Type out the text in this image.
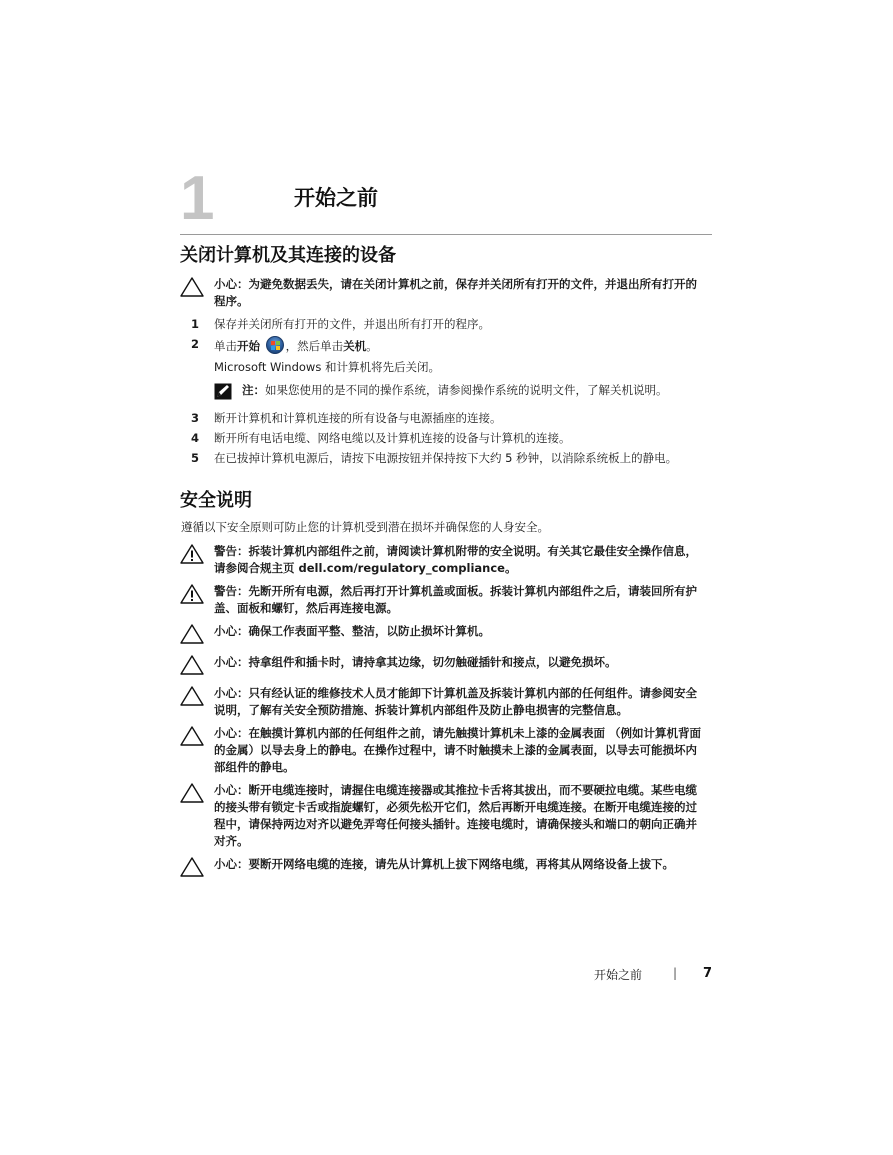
1	开始之前
关闭计算机及其连接的设备
小心：为避免数据丢失，请在关闭计算机之前，保存并关闭所有打开的文件，并退出所有打开的程序。
1	保存并关闭所有打开的文件，并退出所有打开的程序。
2	单击开始 ，然后单击关机。
Microsoft Windows 和计算机将先后关闭。
注：如果您使用的是不同的操作系统，请参阅操作系统的说明文件，了解关机说明。
3	断开计算机和计算机连接的所有设备与电源插座的连接。
4	断开所有电话电缆、网络电缆以及计算机连接的设备与计算机的连接。
5	在已拔掉计算机电源后，请按下电源按钮并保持按下大约 5 秒钟，以消除系统板上的静电。
安全说明
遵循以下安全原则可防止您的计算机受到潜在损坏并确保您的人身安全。
警告：拆装计算机内部组件之前，请阅读计算机附带的安全说明。有关其它最佳安全操作信息，请参阅合规主页 dell.com/regulatory_compliance。
警告：先断开所有电源，然后再打开计算机盖或面板。拆装计算机内部组件之后，请装回所有护盖、面板和螺钉，然后再连接电源。
小心：确保工作表面平整、整洁，以防止损坏计算机。
小心：持拿组件和插卡时，请持拿其边缘，切勿触碰插针和接点，以避免损坏。
小心：只有经认证的维修技术人员才能卸下计算机盖及拆装计算机内部的任何组件。请参阅安全说明，了解有关安全预防措施、拆装计算机内部组件及防止静电损害的完整信息。
小心：在触摸计算机内部的任何组件之前，请先触摸计算机未上漆的金属表面 （例如计算机背面的金属）以导去身上的静电。在操作过程中，请不时触摸未上漆的金属表面，以导去可能损坏内部组件的静电。
小心：断开电缆连接时，请握住电缆连接器或其推拉卡舌将其拔出，而不要硬拉电缆。某些电缆的接头带有锁定卡舌或指旋螺钉，必须先松开它们，然后再断开电缆连接。在断开电缆连接的过程中，请保持两边对齐以避免弄弯任何接头插针。连接电缆时，请确保接头和端口的朝向正确并对齐。
小心：要断开网络电缆的连接，请先从计算机上拔下网络电缆，再将其从网络设备上拔下。
开始之前	| 7
